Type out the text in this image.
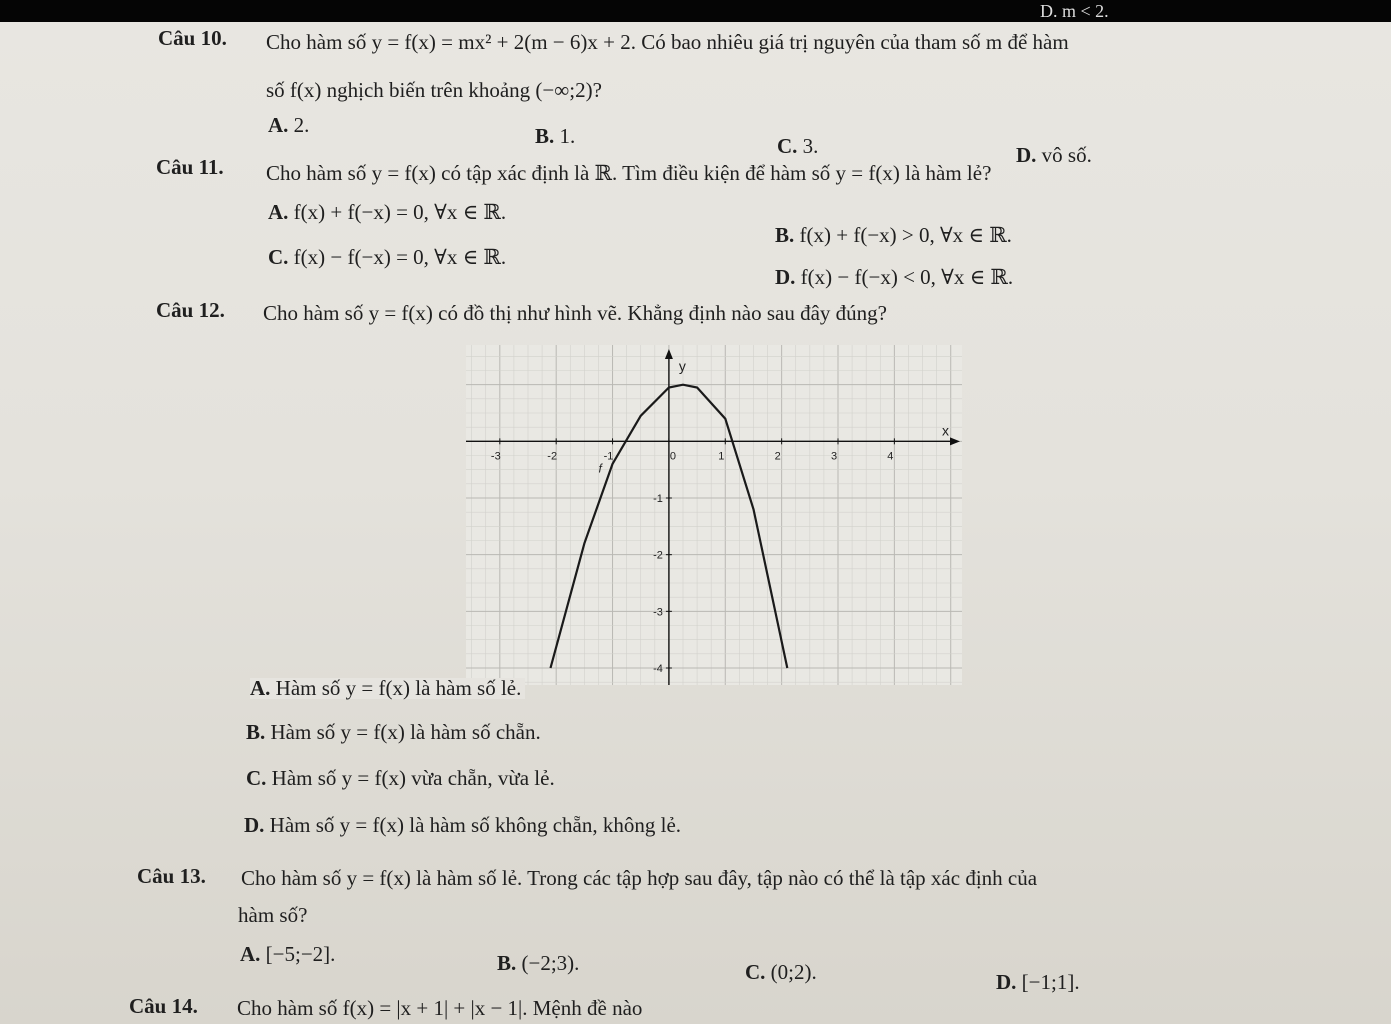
D. m < 2.
Câu 10. Cho hàm số y = f(x) = mx² + 2(m − 6)x + 2. Có bao nhiêu giá trị nguyên của tham số m để hàm
số f(x) nghịch biến trên khoảng (−∞;2)?
A. 2.	B. 1.	C. 3.	D. vô số.
Câu 11. Cho hàm số y = f(x) có tập xác định là ℝ. Tìm điều kiện để hàm số y = f(x) là hàm lẻ?
A. f(x) + f(−x) = 0, ∀x ∈ ℝ.
B. f(x) + f(−x) > 0, ∀x ∈ ℝ.
C. f(x) − f(−x) = 0, ∀x ∈ ℝ.
D. f(x) − f(−x) < 0, ∀x ∈ ℝ.
Câu 12. Cho hàm số y = f(x) có đồ thị như hình vẽ. Khẳng định nào sau đây đúng?
-3	-2	-1	0	1	2	3	4
-1
-2
-3
-4
y
x
f
A. Hàm số y = f(x) là hàm số lẻ.
B. Hàm số y = f(x) là hàm số chẵn.
C. Hàm số y = f(x) vừa chẵn, vừa lẻ.
D. Hàm số y = f(x) là hàm số không chẵn, không lẻ.
Câu 13. Cho hàm số y = f(x) là hàm số lẻ. Trong các tập hợp sau đây, tập nào có thể là tập xác định của
hàm số?
A. [−5;−2].	B. (−2;3).	C. (0;2).	D. [−1;1].
Câu 14. Cho hàm số f(x) = |x + 1| + |x − 1|. Mệnh đề nào
